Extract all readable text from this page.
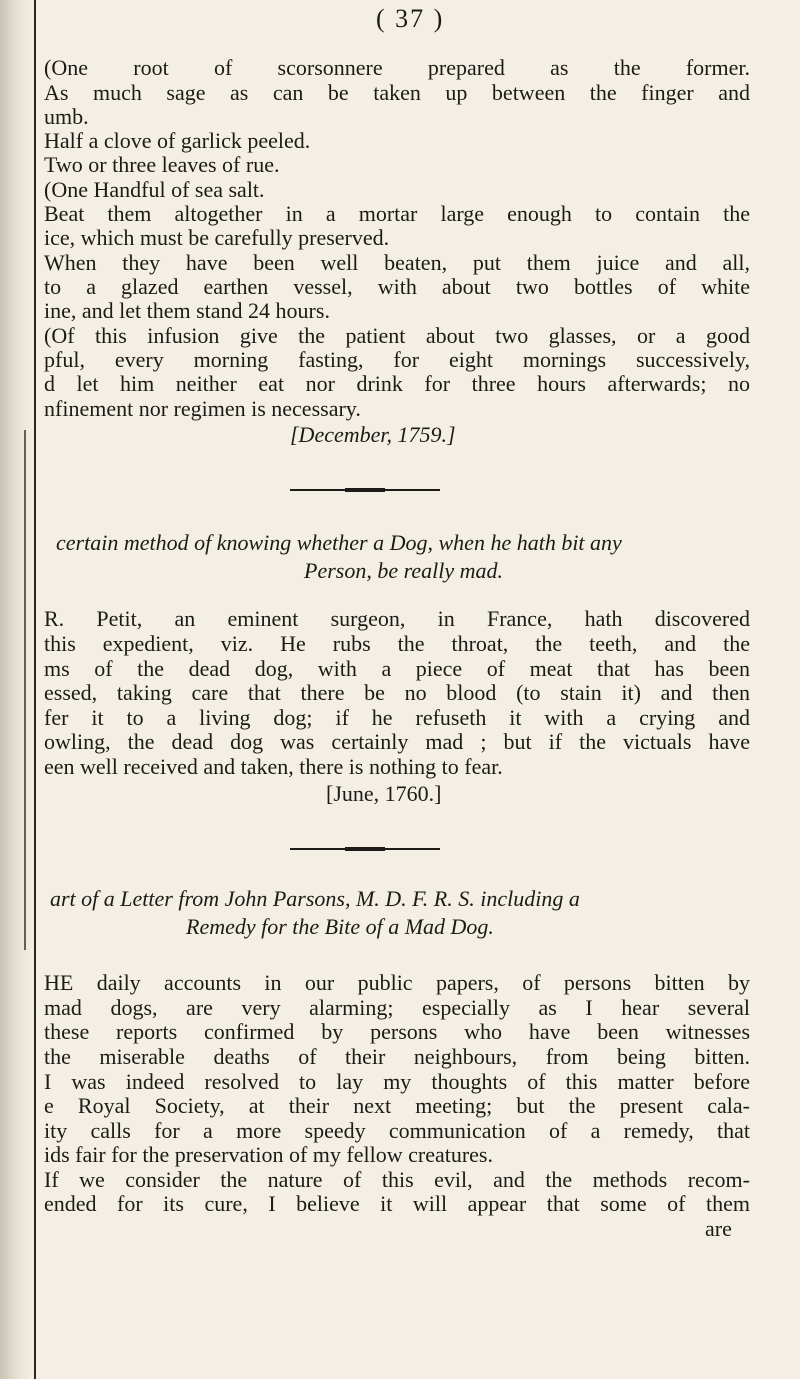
( 37 )
(One root of scorsonnere prepared as the former.
As much sage as can be taken up between the finger and
umb.
Half a clove of garlick peeled.
Two or three leaves of rue.
(One Handful of sea salt.
Beat them altogether in a mortar large enough to contain the
ice, which must be carefully preserved.
When they have been well beaten, put them juice and all,
to a glazed earthen vessel, with about two bottles of white
ine, and let them stand 24 hours.
(Of this infusion give the patient about two glasses, or a good
pful, every morning fasting, for eight mornings successively,
d let him neither eat nor drink for three hours afterwards; no
nfinement nor regimen is necessary.
[December, 1759.]
certain method of knowing whether a Dog, when he hath bit any
Person, be really mad.
R. Petit, an eminent surgeon, in France, hath discovered
this expedient, viz. He rubs the throat, the teeth, and the
ms of the dead dog, with a piece of meat that has been
essed, taking care that there be no blood (to stain it) and then
fer it to a living dog; if he refuseth it with a crying and
owling, the dead dog was certainly mad ; but if the victuals have
een well received and taken, there is nothing to fear.
[June, 1760.]
art of a Letter from John Parsons, M. D. F. R. S. including a
Remedy for the Bite of a Mad Dog.
HE daily accounts in our public papers, of persons bitten by
mad dogs, are very alarming; especially as I hear several
these reports confirmed by persons who have been witnesses
the miserable deaths of their neighbours, from being bitten.
I was indeed resolved to lay my thoughts of this matter before
e Royal Society, at their next meeting; but the present cala-
ity calls for a more speedy communication of a remedy, that
ids fair for the preservation of my fellow creatures.
If we consider the nature of this evil, and the methods recom-
ended for its cure, I believe it will appear that some of them
are
